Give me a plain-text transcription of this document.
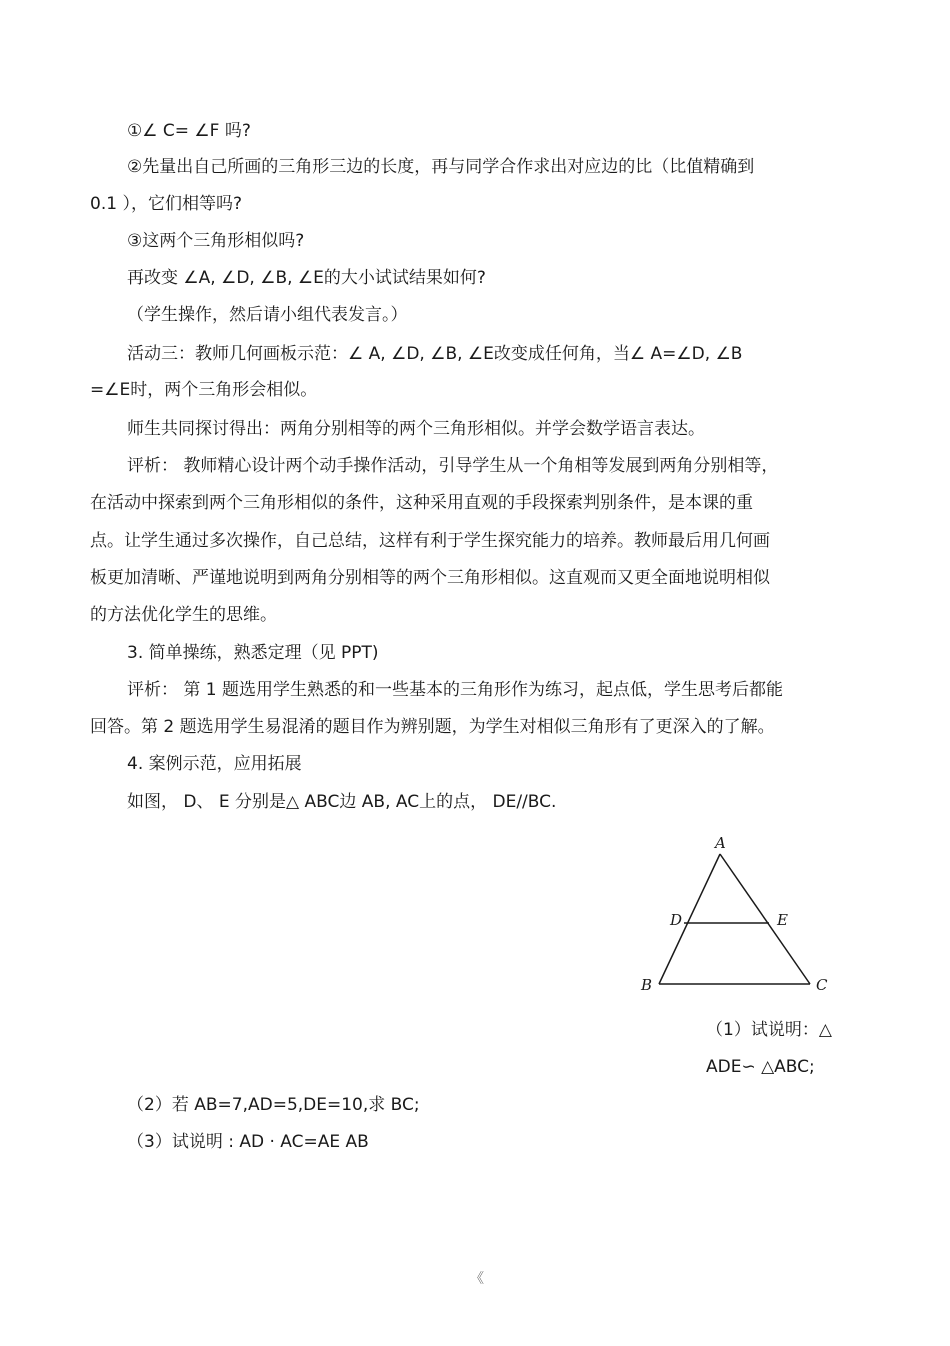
①∠ C= ∠F 吗?
②先量出自己所画的三角形三边的长度，再与同学合作求出对应边的比（比值精确到
0.1 ），它们相等吗?
③这两个三角形相似吗?
再改变 ∠A, ∠D, ∠B, ∠E的大小试试结果如何?
（学生操作，然后请小组代表发言。）
活动三：教师几何画板示范：∠ A, ∠D, ∠B, ∠E改变成任何角，当∠ A=∠D, ∠B
=∠E时，两个三角形会相似。
师生共同探讨得出：两角分别相等的两个三角形相似。并学会数学语言表达。
评析： 教师精心设计两个动手操作活动，引导学生从一个角相等发展到两角分别相等，
在活动中探索到两个三角形相似的条件，这种采用直观的手段探索判别条件，是本课的重
点。让学生通过多次操作，自己总结，这样有利于学生探究能力的培养。教师最后用几何画
板更加清晰、严谨地说明到两角分别相等的两个三角形相似。这直观而又更全面地说明相似
的方法优化学生的思维。
3. 简单操练，熟悉定理（见 PPT)
评析： 第 1 题选用学生熟悉的和一些基本的三角形作为练习，起点低，学生思考后都能
回答。第 2 题选用学生易混淆的题目作为辨别题，为学生对相似三角形有了更深入的了解。
4. 案例示范，应用拓展
如图， D、 E 分别是△ ABC边 AB, AC上的点， DE//BC.
A
B	C
D	E
（1）试说明：△
ADE∽ △ABC;
（2）若 AB=7,AD=5,DE=10,求 BC;
（3）试说明 : AD · AC=AE AB
《
